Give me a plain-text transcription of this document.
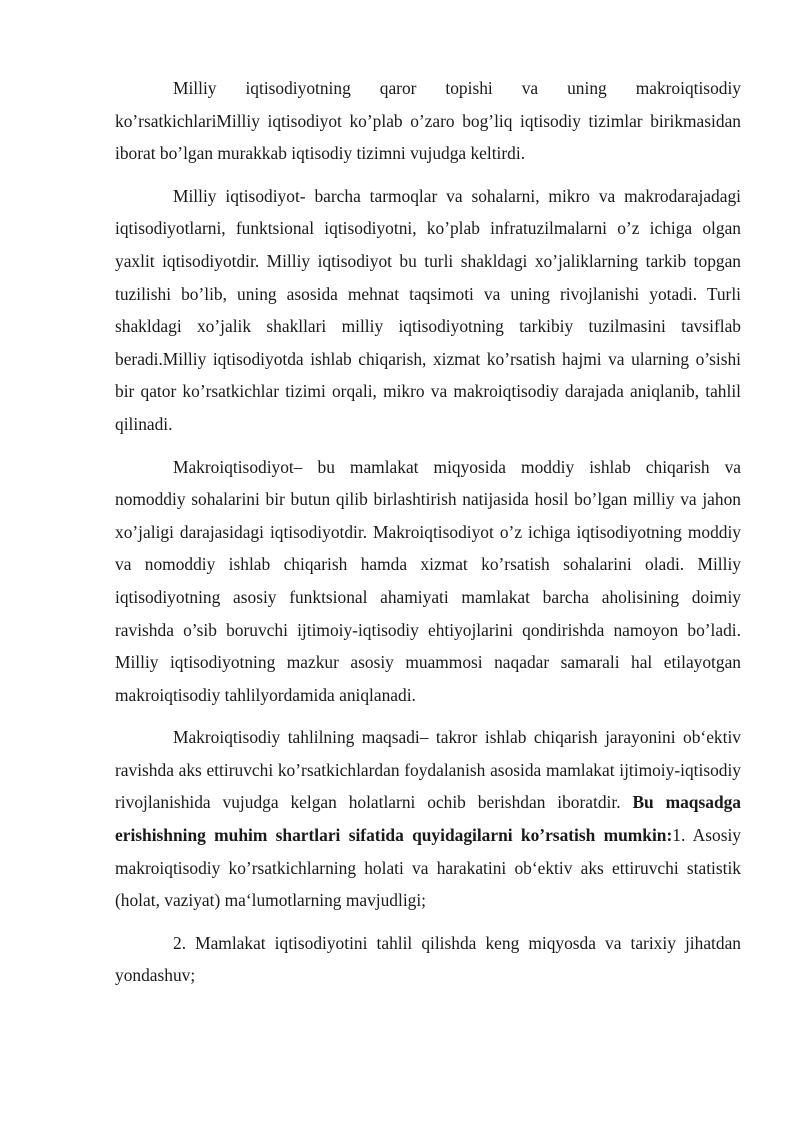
Milliy iqtisodiyotning qaror topishi va uning makroiqtisodiy ko’rsatkichlariMilliy iqtisodiyot ko’plab o’zaro bog’liq iqtisodiy tizimlar birikmasidan iborat bo’lgan murakkab iqtisodiy tizimni vujudga keltirdi.

Milliy iqtisodiyot- barcha tarmoqlar va sohalarni, mikro va makrodarajadagi iqtisodiyotlarni, funktsional iqtisodiyotni, ko’plab infratuzilmalarni o’z ichiga olgan yaxlit iqtisodiyotdir. Milliy iqtisodiyot bu turli shakldagi xo’jaliklarning tarkib topgan tuzilishi bo’lib, uning asosida mehnat taqsimoti va uning rivojlanishi yotadi. Turli shakldagi xo’jalik shakllari milliy iqtisodiyotning tarkibiy tuzilmasini tavsiflab beradi.Milliy iqtisodiyotda ishlab chiqarish, xizmat ko’rsatish hajmi va ularning o’sishi bir qator ko’rsatkichlar tizimi orqali, mikro va makroiqtisodiy darajada aniqlanib, tahlil qilinadi.

Makroiqtisodiyot– bu mamlakat miqyosida moddiy ishlab chiqarish va nomoddiy sohalarini bir butun qilib birlashtirish natijasida hosil bo’lgan milliy va jahon xo’jaligi darajasidagi iqtisodiyotdir. Makroiqtisodiyot o’z ichiga iqtisodiyotning moddiy va nomoddiy ishlab chiqarish hamda xizmat ko’rsatish sohalarini oladi. Milliy iqtisodiyotning asosiy funktsional ahamiyati mamlakat barcha aholisining doimiy ravishda o’sib boruvchi ijtimoiy-iqtisodiy ehtiyojlarini qondirishda namoyon bo’ladi. Milliy iqtisodiyotning mazkur asosiy muammosi naqadar samarali hal etilayotgan makroiqtisodiy tahlilyordamida aniqlanadi.

Makroiqtisodiy tahlilning maqsadi– takror ishlab chiqarish jarayonini ob‘ektiv ravishda aks ettiruvchi ko’rsatkichlardan foydalanish asosida mamlakat ijtimoiy-iqtisodiy rivojlanishida vujudga kelgan holatlarni ochib berishdan iboratdir. Bu maqsadga erishishning muhim shartlari sifatida quyidagilarni ko’rsatish mumkin:1. Asosiy makroiqtisodiy ko’rsatkichlarning holati va harakatini ob‘ektiv aks ettiruvchi statistik (holat, vaziyat) ma‘lumotlarning mavjudligi;

2. Mamlakat iqtisodiyotini tahlil qilishda keng miqyosda va tarixiy jihatdan yondashuv;
